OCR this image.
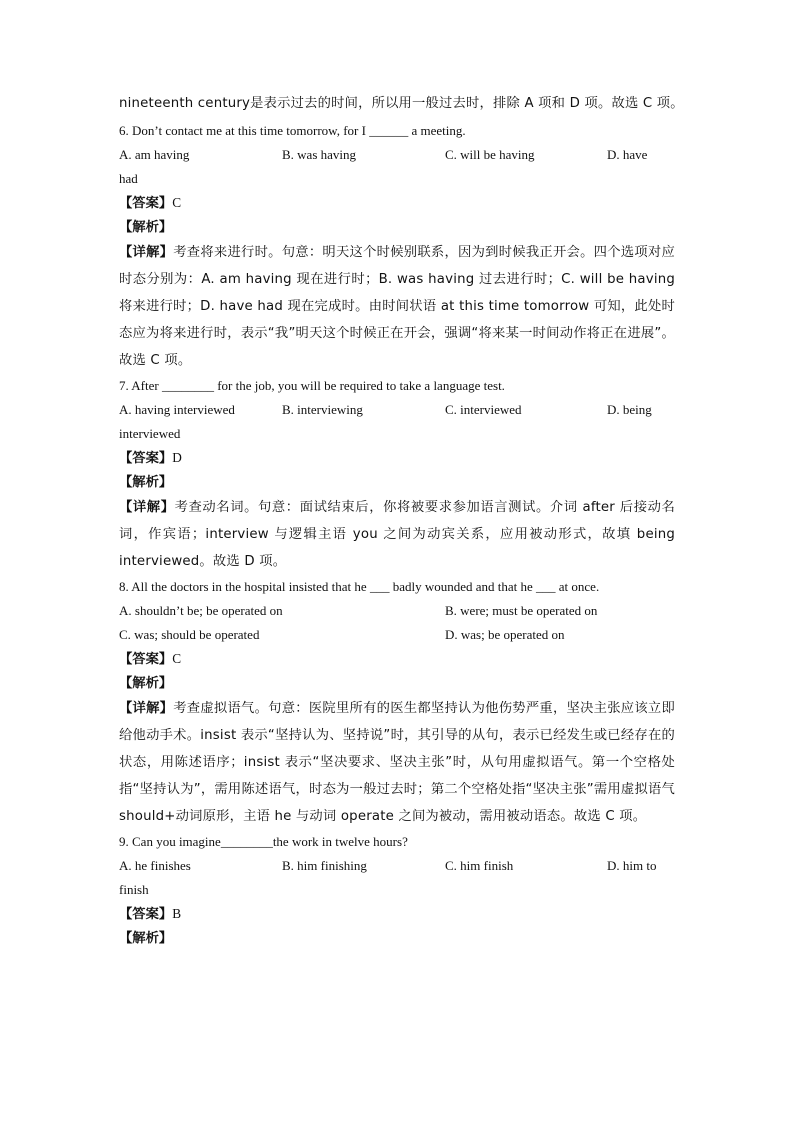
nineteenth century是表示过去的时间，所以用一般过去时，排除 A 项和 D 项。故选 C 项。
6. Don’t contact me at this time tomorrow, for I ______ a meeting.
A. am having	B. was having	C. will be having	D. have
had
【答案】C
【解析】
【详解】考查将来进行时。句意：明天这个时候别联系，因为到时候我正开会。四个选项对应时态分别为：A. am having 现在进行时；B. was having 过去进行时；C. will be having 将来进行时；D. have had 现在完成时。由时间状语 at this time tomorrow 可知，此处时态应为将来进行时，表示“我”明天这个时候正在开会，强调“将来某一时间动作将正在进展”。故选 C 项。
7. After ________ for the job, you will be required to take a language test.
A. having interviewed	B. interviewing	C. interviewed	D. being
interviewed
【答案】D
【解析】
【详解】考查动名词。句意：面试结束后，你将被要求参加语言测试。介词 after 后接动名词，作宾语；interview 与逻辑主语 you 之间为动宾关系，应用被动形式，故填 being interviewed。故选 D 项。
8. All the doctors in the hospital insisted that he ___ badly wounded and that he ___ at once.
A. shouldn’t be; be operated on	B. were; must be operated on
C. was; should be operated	D. was; be operated on
【答案】C
【解析】
【详解】考查虚拟语气。句意：医院里所有的医生都坚持认为他伤势严重，坚决主张应该立即给他动手术。insist 表示“坚持认为、坚持说”时，其引导的从句，表示已经发生或已经存在的状态，用陈述语序；insist 表示“坚决要求、坚决主张”时，从句用虚拟语气。第一个空格处指“坚持认为”，需用陈述语气，时态为一般过去时；第二个空格处指“坚决主张”需用虚拟语气 should+动词原形，主语 he 与动词 operate 之间为被动，需用被动语态。故选 C 项。
9. Can you imagine________the work in twelve hours?
A. he finishes	B. him finishing	C. him finish	D. him to
finish
【答案】B
【解析】
